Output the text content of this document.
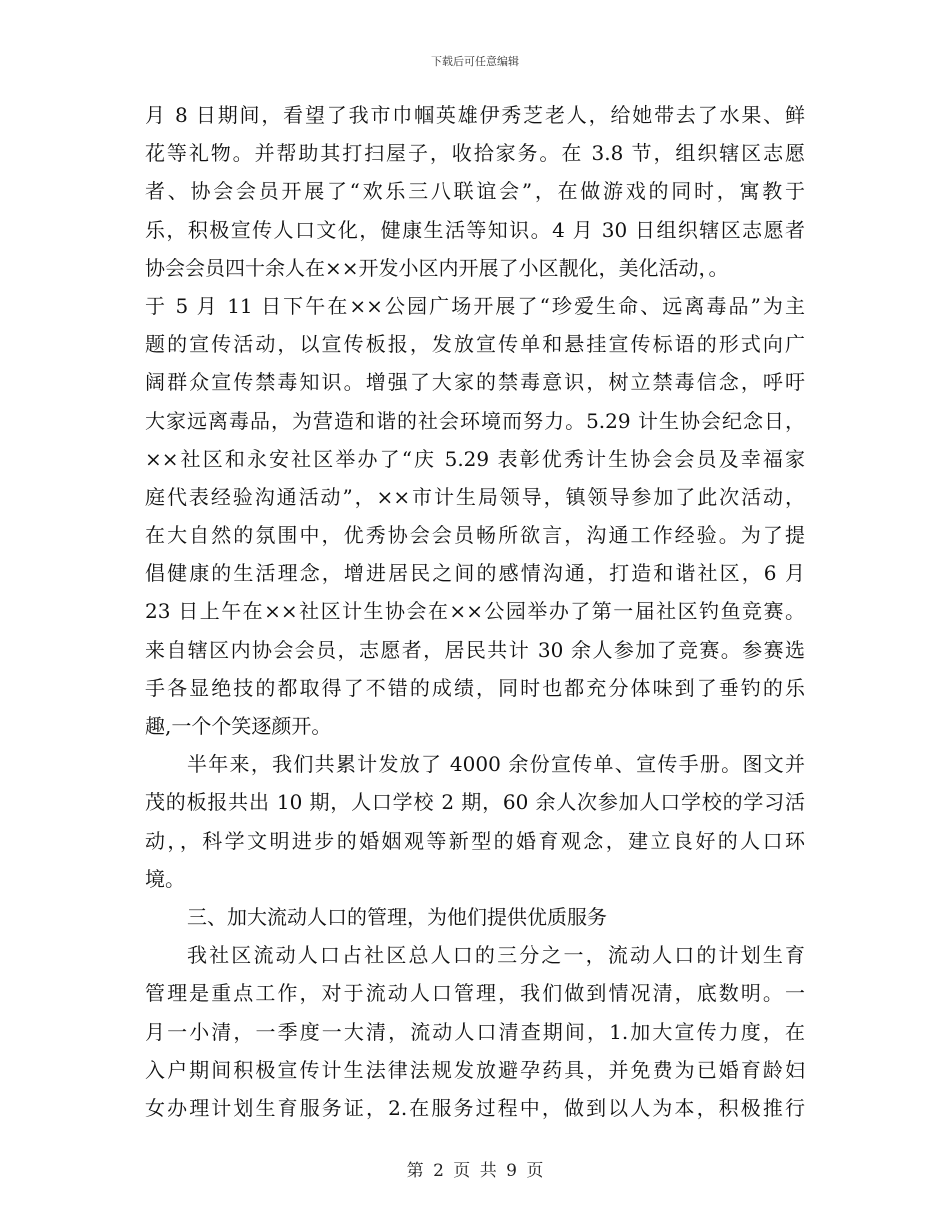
下载后可任意编辑
月 8 日期间，看望了我市巾帼英雄伊秀芝老人，给她带去了水果、鲜
花等礼物。并帮助其打扫屋子，收拾家务。在 3.8 节，组织辖区志愿
者、协会会员开展了“欢乐三八联谊会”，在做游戏的同时，寓教于
乐，积极宣传人口文化，健康生活等知识。4 月 30 日组织辖区志愿者
协会会员四十余人在××开发小区内开展了小区靓化，美化活动，。
于 5 月 11 日下午在××公园广场开展了“珍爱生命、远离毒品”为主
题的宣传活动，以宣传板报，发放宣传单和悬挂宣传标语的形式向广
阔群众宣传禁毒知识。增强了大家的禁毒意识，树立禁毒信念，呼吁
大家远离毒品，为营造和谐的社会环境而努力。5.29 计生协会纪念日，
××社区和永安社区举办了“庆 5.29 表彰优秀计生协会会员及幸福家
庭代表经验沟通活动”，××市计生局领导，镇领导参加了此次活动，
在大自然的氛围中，优秀协会会员畅所欲言，沟通工作经验。为了提
倡健康的生活理念，增进居民之间的感情沟通，打造和谐社区，6 月
23 日上午在××社区计生协会在××公园举办了第一届社区钓鱼竞赛。
来自辖区内协会会员，志愿者，居民共计 30 余人参加了竞赛。参赛选
手各显绝技的都取得了不错的成绩，同时也都充分体味到了垂钓的乐
趣,一个个笑逐颜开。
半年来，我们共累计发放了 4000 余份宣传单、宣传手册。图文并
茂的板报共出 10 期，人口学校 2 期，60 余人次参加人口学校的学习活
动，，科学文明进步的婚姻观等新型的婚育观念，建立良好的人口环
境。
三、加大流动人口的管理，为他们提供优质服务
我社区流动人口占社区总人口的三分之一，流动人口的计划生育
管理是重点工作，对于流动人口管理，我们做到情况清，底数明。一
月一小清，一季度一大清，流动人口清查期间，1.加大宣传力度，在
入户期间积极宣传计生法律法规发放避孕药具，并免费为已婚育龄妇
女办理计划生育服务证，2.在服务过程中，做到以人为本，积极推行
第 2 页 共 9 页
